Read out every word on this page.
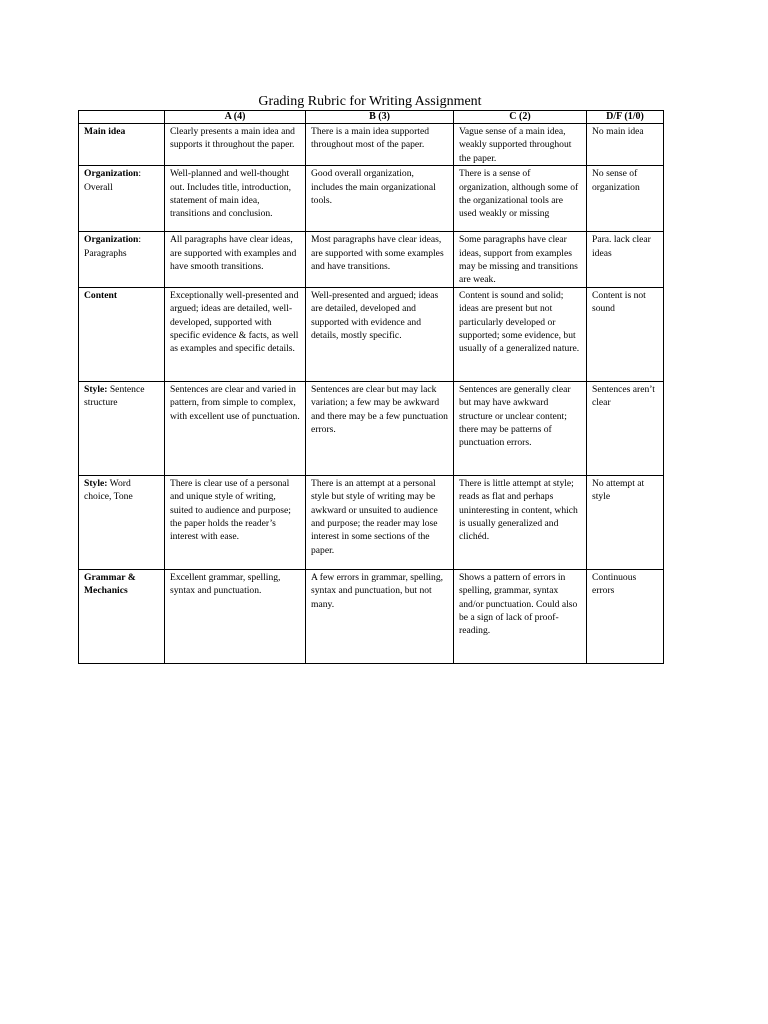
Grading Rubric for Writing Assignment
	A (4)	B (3)	C (2)	D/F (1/0)
Main idea	Clearly presents a main idea and supports it throughout the paper.	There is a main idea supported throughout most of the paper.	Vague sense of a main idea, weakly supported throughout the paper.	No main idea
Organization: Overall	Well-planned and well-thought out. Includes title, introduction, statement of main idea, transitions and conclusion.	Good overall organization, includes the main organizational tools.	There is a sense of organization, although some of the organizational tools are used weakly or missing	No sense of organization
Organization: Paragraphs	All paragraphs have clear ideas, are supported with examples and have smooth transitions.	Most paragraphs have clear ideas, are supported with some examples and have transitions.	Some paragraphs have clear ideas, support from examples may be missing and transitions are weak.	Para. lack clear ideas
Content	Exceptionally well-presented and argued; ideas are detailed, well-developed, supported with specific evidence & facts, as well as examples and specific details.	Well-presented and argued; ideas are detailed, developed and supported with evidence and details, mostly specific.	Content is sound and solid; ideas are present but not particularly developed or supported; some evidence, but usually of a generalized nature.	Content is not sound
Style: Sentence structure	Sentences are clear and varied in pattern, from simple to complex, with excellent use of punctuation.	Sentences are clear but may lack variation; a few may be awkward and there may be a few punctuation errors.	Sentences are generally clear but may have awkward structure or unclear content; there may be patterns of punctuation errors.	Sentences aren’t clear
Style: Word choice, Tone	There is clear use of a personal and unique style of writing, suited to audience and purpose; the paper holds the reader’s interest with ease.	There is an attempt at a personal style but style of writing may be awkward or unsuited to audience and purpose; the reader may lose interest in some sections of the paper.	There is little attempt at style; reads as flat and perhaps uninteresting in content, which is usually generalized and clichéd.	No attempt at style
Grammar & Mechanics	Excellent grammar, spelling, syntax and punctuation.	A few errors in grammar, spelling, syntax and punctuation, but not many.	Shows a pattern of errors in spelling, grammar, syntax and/or punctuation. Could also be a sign of lack of proof-reading.	Continuous errors
